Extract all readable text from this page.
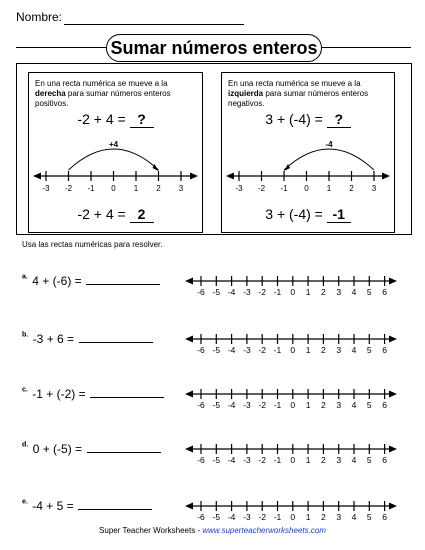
Nombre:
Sumar números enteros
En una recta numérica se mueve a la derecha para sumar números enteros positivos.
-2 + 4 = ?
-3 -2 -1 0 1 2 3
+4
-2 + 4 = 2
En una recta numérica se mueve a la izquierda para sumar números enteros negativos.
3 + (-4) = ?
-3 -2 -1 0 1 2 3
-4
3 + (-4) = -1
Usa las rectas numéricas para resolver.
$^{a.}$ 4 + (-6) =
-6 -5 -4 -3 -2 -1 0 1 2 3 4 5 6
$^{b.}$ -3 + 6 =
-6 -5 -4 -3 -2 -1 0 1 2 3 4 5 6
$^{c.}$ -1 + (-2) =
-6 -5 -4 -3 -2 -1 0 1 2 3 4 5 6
$^{d.}$ 0 + (-5) =
-6 -5 -4 -3 -2 -1 0 1 2 3 4 5 6
$^{e.}$ -4 + 5 =
-6 -5 -4 -3 -2 -1 0 1 2 3 4 5 6
Super Teacher Worksheets - www.superteacherworksheets.com
